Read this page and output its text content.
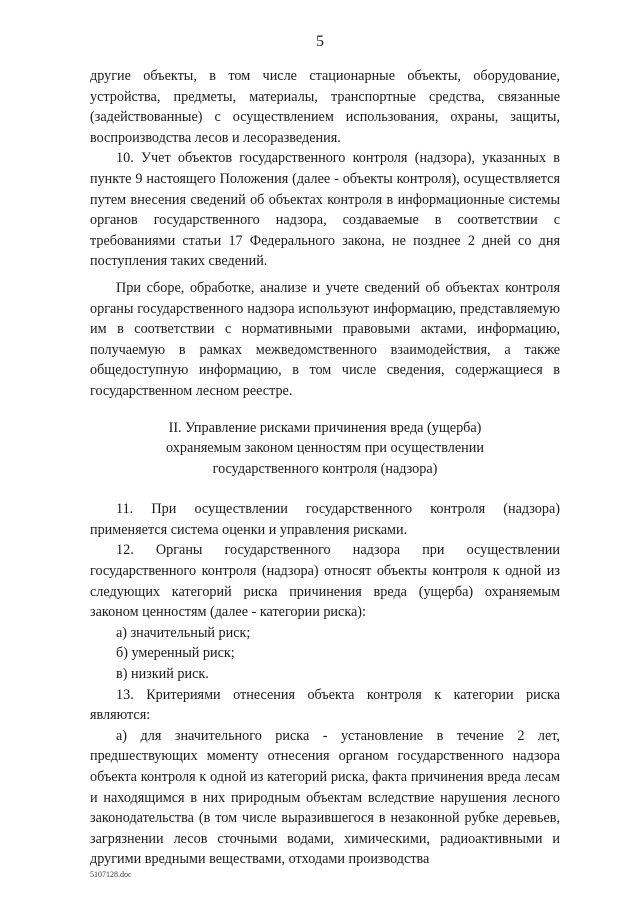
5

другие объекты, в том числе стационарные объекты, оборудование, устройства, предметы, материалы, транспортные средства, связанные (задействованные) с осуществлением использования, охраны, защиты, воспроизводства лесов и лесоразведения.

10. Учет объектов государственного контроля (надзора), указанных в пункте 9 настоящего Положения (далее - объекты контроля), осуществляется путем внесения сведений об объектах контроля в информационные системы органов государственного надзора, создаваемые в соответствии с требованиями статьи 17 Федерального закона, не позднее 2 дней со дня поступления таких сведений.

При сборе, обработке, анализе и учете сведений об объектах контроля органы государственного надзора используют информацию, представляемую им в соответствии с нормативными правовыми актами, информацию, получаемую в рамках межведомственного взаимодействия, а также общедоступную информацию, в том числе сведения, содержащиеся в государственном лесном реестре.

II. Управление рисками причинения вреда (ущерба)
охраняемым законом ценностям при осуществлении
государственного контроля (надзора)

11. При осуществлении государственного контроля (надзора) применяется система оценки и управления рисками.

12. Органы государственного надзора при осуществлении государственного контроля (надзора) относят объекты контроля к одной из следующих категорий риска причинения вреда (ущерба) охраняемым законом ценностям (далее - категории риска):

а) значительный риск;

б) умеренный риск;

в) низкий риск.

13. Критериями отнесения объекта контроля к категории риска являются:

а) для значительного риска - установление в течение 2 лет, предшествующих моменту отнесения органом государственного надзора объекта контроля к одной из категорий риска, факта причинения вреда лесам и находящимся в них природным объектам вследствие нарушения лесного законодательства (в том числе выразившегося в незаконной рубке деревьев, загрязнении лесов сточными водами, химическими, радиоактивными и другими вредными веществами, отходами производства

5107128.doc
